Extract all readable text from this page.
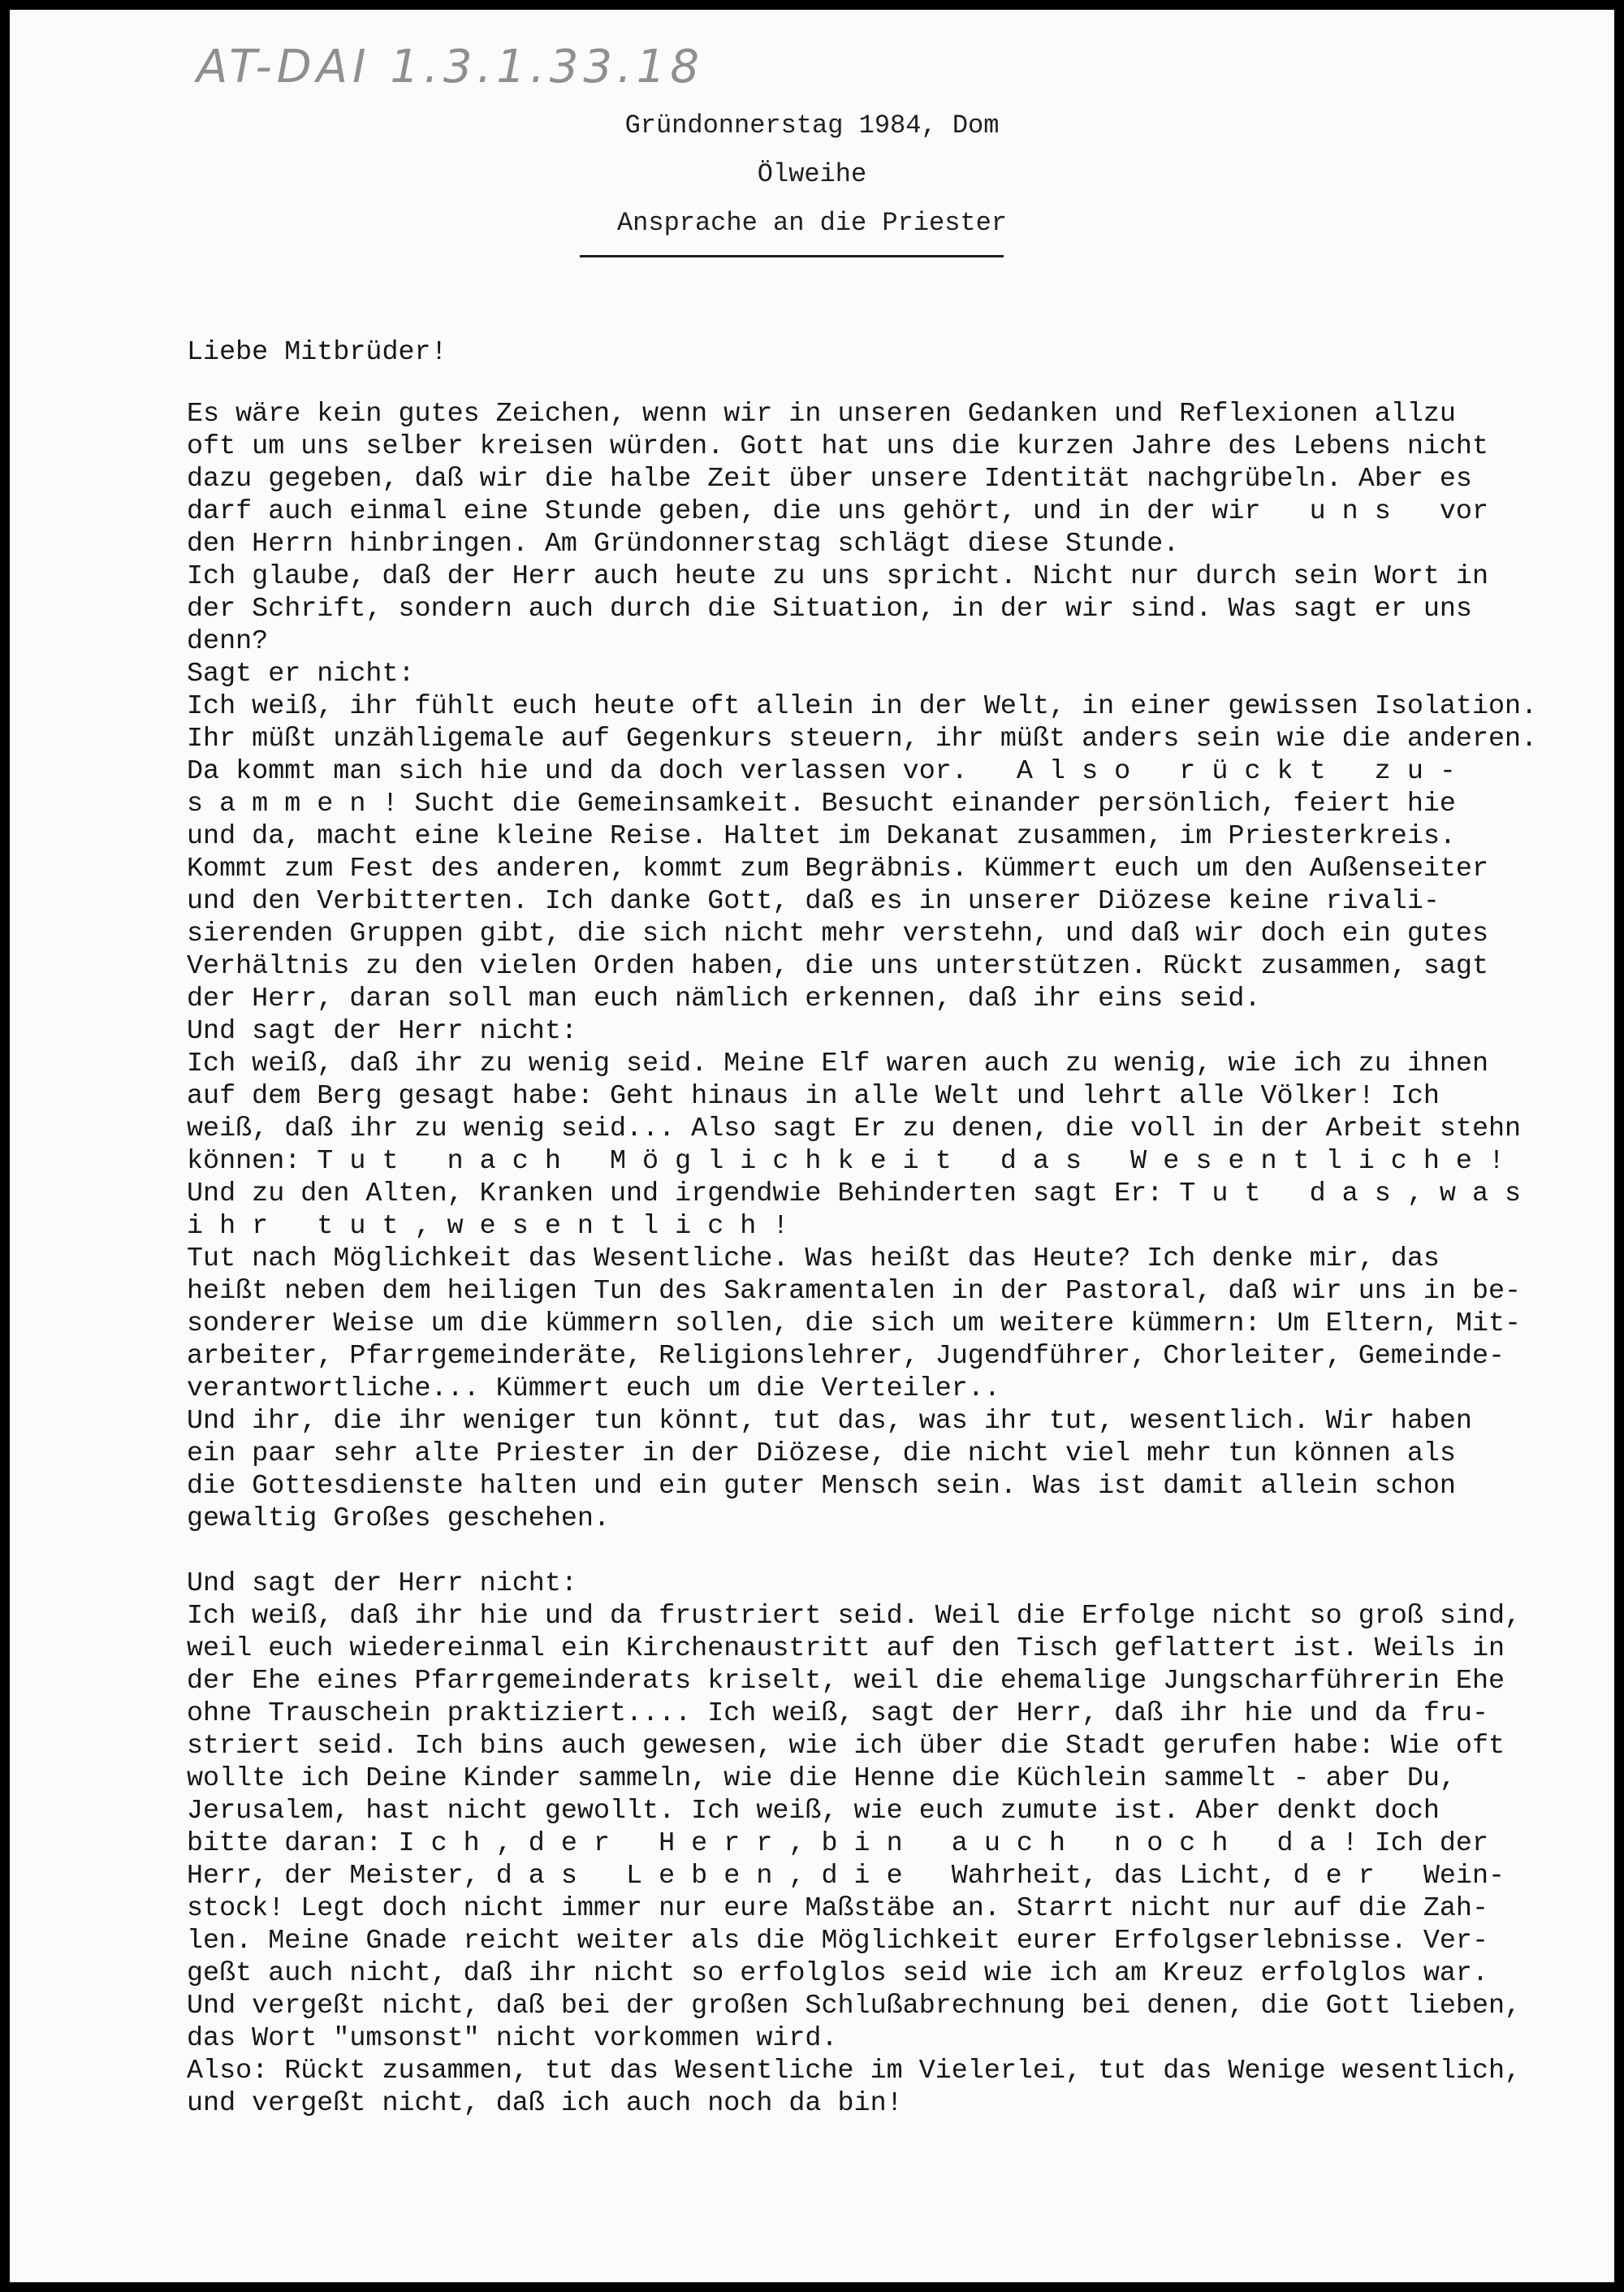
AT-DAI 1.3.1.33.18
Gründonnerstag 1984, Dom
Ölweihe
Ansprache an die Priester
Liebe Mitbrüder!
Es wäre kein gutes Zeichen, wenn wir in unseren Gedanken und Reflexionen allzu
oft um uns selber kreisen würden. Gott hat uns die kurzen Jahre des Lebens nicht
dazu gegeben, daß wir die halbe Zeit über unsere Identität nachgrübeln. Aber es
darf auch einmal eine Stunde geben, die uns gehört, und in der wir   u n s   vor
den Herrn hinbringen. Am Gründonnerstag schlägt diese Stunde.
Ich glaube, daß der Herr auch heute zu uns spricht. Nicht nur durch sein Wort in
der Schrift, sondern auch durch die Situation, in der wir sind. Was sagt er uns
denn?
Sagt er nicht:
Ich weiß, ihr fühlt euch heute oft allein in der Welt, in einer gewissen Isolation.
Ihr müßt unzähligemale auf Gegenkurs steuern, ihr müßt anders sein wie die anderen.
Da kommt man sich hie und da doch verlassen vor.   A l s o   r ü c k t   z u -
s a m m e n ! Sucht die Gemeinsamkeit. Besucht einander persönlich, feiert hie
und da, macht eine kleine Reise. Haltet im Dekanat zusammen, im Priesterkreis.
Kommt zum Fest des anderen, kommt zum Begräbnis. Kümmert euch um den Außenseiter
und den Verbitterten. Ich danke Gott, daß es in unserer Diözese keine rivali-
sierenden Gruppen gibt, die sich nicht mehr verstehn, und daß wir doch ein gutes
Verhältnis zu den vielen Orden haben, die uns unterstützen. Rückt zusammen, sagt
der Herr, daran soll man euch nämlich erkennen, daß ihr eins seid.
Und sagt der Herr nicht:
Ich weiß, daß ihr zu wenig seid. Meine Elf waren auch zu wenig, wie ich zu ihnen
auf dem Berg gesagt habe: Geht hinaus in alle Welt und lehrt alle Völker! Ich
weiß, daß ihr zu wenig seid... Also sagt Er zu denen, die voll in der Arbeit stehn
können: T u t   n a c h   M ö g l i c h k e i t   d a s   W e s e n t l i c h e !
Und zu den Alten, Kranken und irgendwie Behinderten sagt Er: T u t   d a s , w a s
i h r   t u t , w e s e n t l i c h !
Tut nach Möglichkeit das Wesentliche. Was heißt das Heute? Ich denke mir, das
heißt neben dem heiligen Tun des Sakramentalen in der Pastoral, daß wir uns in be-
sonderer Weise um die kümmern sollen, die sich um weitere kümmern: Um Eltern, Mit-
arbeiter, Pfarrgemeinderäte, Religionslehrer, Jugendführer, Chorleiter, Gemeinde-
verantwortliche... Kümmert euch um die Verteiler..
Und ihr, die ihr weniger tun könnt, tut das, was ihr tut, wesentlich. Wir haben
ein paar sehr alte Priester in der Diözese, die nicht viel mehr tun können als
die Gottesdienste halten und ein guter Mensch sein. Was ist damit allein schon
gewaltig Großes geschehen.
Und sagt der Herr nicht:
Ich weiß, daß ihr hie und da frustriert seid. Weil die Erfolge nicht so groß sind,
weil euch wiedereinmal ein Kirchenaustritt auf den Tisch geflattert ist. Weils in
der Ehe eines Pfarrgemeinderats kriselt, weil die ehemalige Jungscharführerin Ehe
ohne Trauschein praktiziert.... Ich weiß, sagt der Herr, daß ihr hie und da fru-
striert seid. Ich bins auch gewesen, wie ich über die Stadt gerufen habe: Wie oft
wollte ich Deine Kinder sammeln, wie die Henne die Küchlein sammelt - aber Du,
Jerusalem, hast nicht gewollt. Ich weiß, wie euch zumute ist. Aber denkt doch
bitte daran: I c h , d e r   H e r r , b i n   a u c h   n o c h   d a ! Ich der
Herr, der Meister, d a s   L e b e n , d i e   Wahrheit, das Licht, d e r   Wein-
stock! Legt doch nicht immer nur eure Maßstäbe an. Starrt nicht nur auf die Zah-
len. Meine Gnade reicht weiter als die Möglichkeit eurer Erfolgserlebnisse. Ver-
geßt auch nicht, daß ihr nicht so erfolglos seid wie ich am Kreuz erfolglos war.
Und vergeßt nicht, daß bei der großen Schlußabrechnung bei denen, die Gott lieben,
das Wort "umsonst" nicht vorkommen wird.
Also: Rückt zusammen, tut das Wesentliche im Vielerlei, tut das Wenige wesentlich,
und vergeßt nicht, daß ich auch noch da bin!
